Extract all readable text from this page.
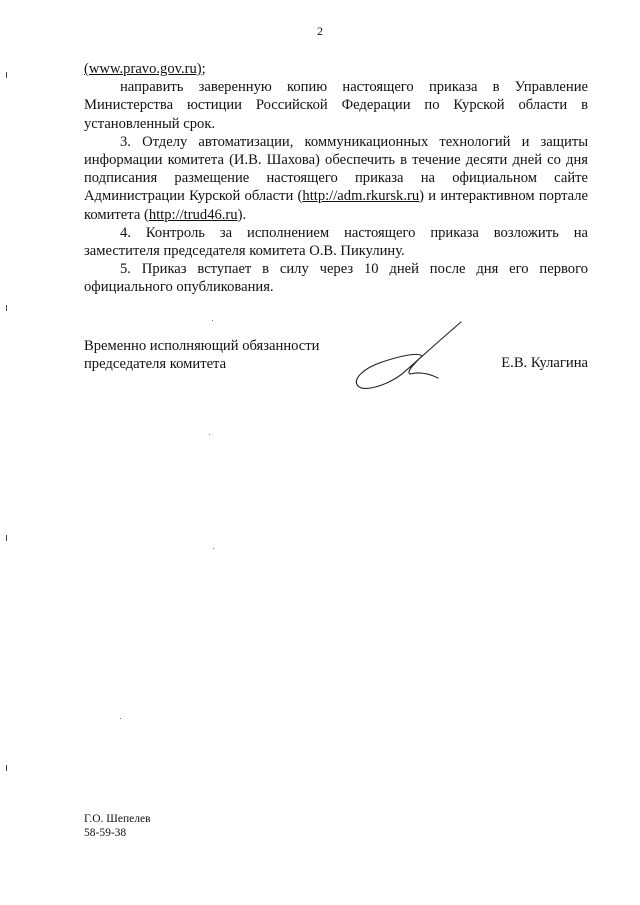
2

(www.pravo.gov.ru);

направить заверенную копию настоящего приказа в Управление Министерства юстиции Российской Федерации по Курской области в установленный срок.

3. Отделу автоматизации, коммуникационных технологий и защиты информации комитета (И.В. Шахова) обеспечить в течение десяти дней со дня подписания размещение настоящего приказа на официальном сайте Администрации Курской области (http://adm.rkursk.ru) и интерактивном портале комитета (http://trud46.ru).

4. Контроль за исполнением настоящего приказа возложить на заместителя председателя комитета О.В. Пикулину.

5. Приказ вступает в силу через 10 дней после дня его первого официального опубликования.

Временно исполняющий обязанности
председателя комитета	Е.В. Кулагина
Г.О. Шепелев
58-59-38
